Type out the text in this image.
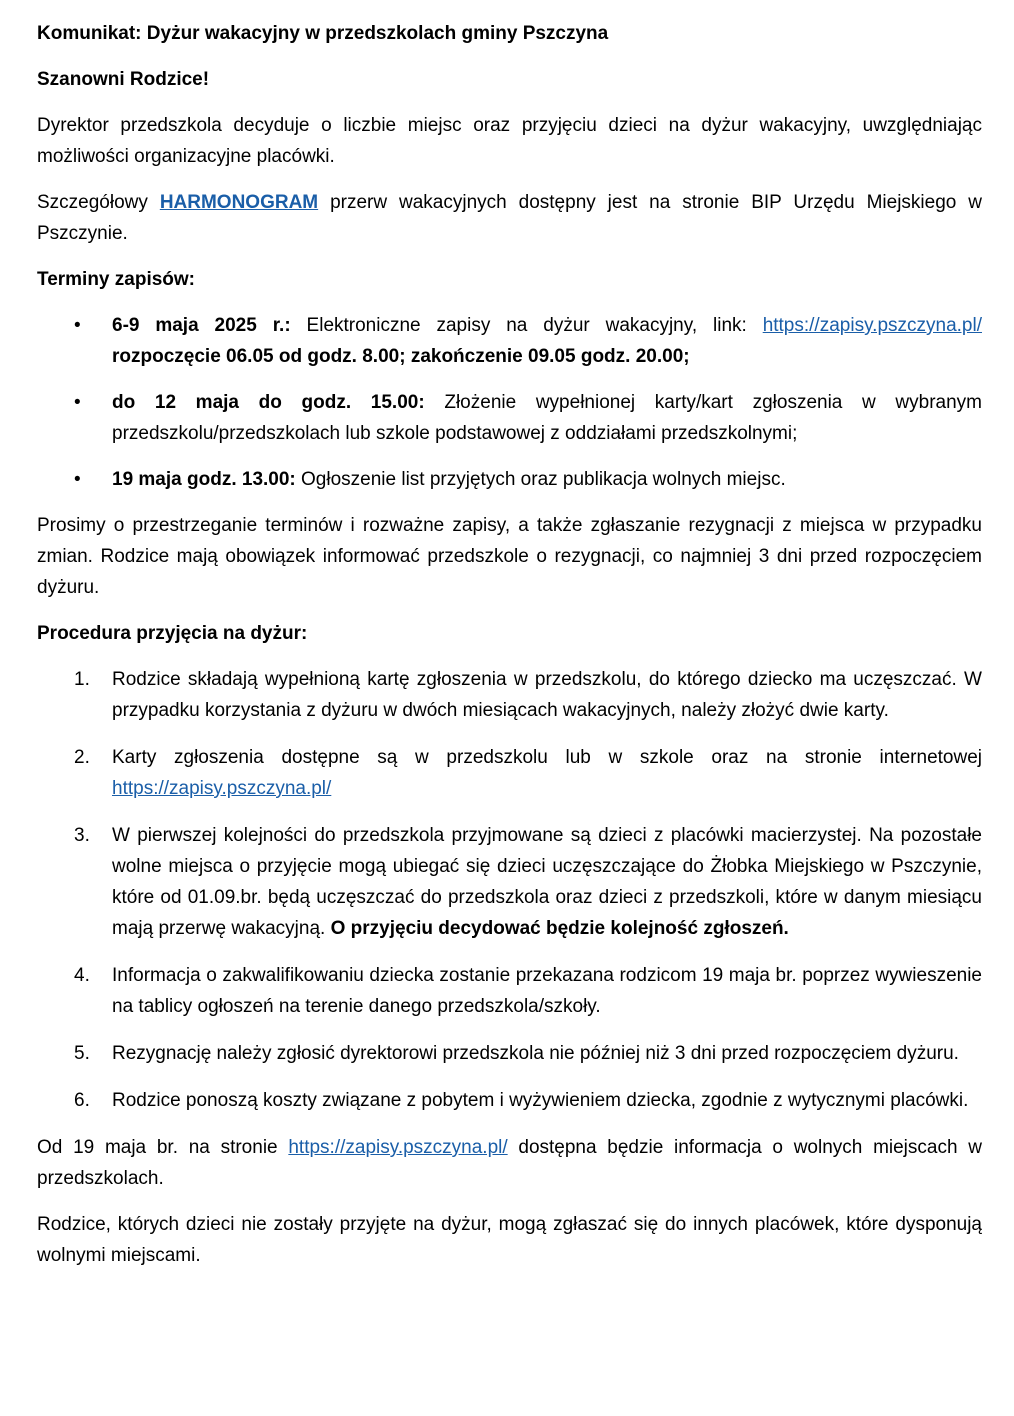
Komunikat: Dyżur wakacyjny w przedszkolach gminy Pszczyna

Szanowni Rodzice!

Dyrektor przedszkola decyduje o liczbie miejsc oraz przyjęciu dzieci na dyżur wakacyjny, uwzględniając możliwości organizacyjne placówki.

Szczegółowy HARMONOGRAM przerw wakacyjnych dostępny jest na stronie BIP Urzędu Miejskiego w Pszczynie.

Terminy zapisów:

• 6-9 maja 2025 r.: Elektroniczne zapisy na dyżur wakacyjny, link: https://zapisy.pszczyna.pl/ rozpoczęcie 06.05 od godz. 8.00; zakończenie 09.05 godz. 20.00;
• do 12 maja do godz. 15.00: Złożenie wypełnionej karty/kart zgłoszenia w wybranym przedszkolu/przedszkolach lub szkole podstawowej z oddziałami przedszkolnymi;
• 19 maja godz. 13.00: Ogłoszenie list przyjętych oraz publikacja wolnych miejsc.

Prosimy o przestrzeganie terminów i rozważne zapisy, a także zgłaszanie rezygnacji z miejsca w przypadku zmian. Rodzice mają obowiązek informować przedszkole o rezygnacji, co najmniej 3 dni przed rozpoczęciem dyżuru.

Procedura przyjęcia na dyżur:

1. Rodzice składają wypełnioną kartę zgłoszenia w przedszkolu, do którego dziecko ma uczęszczać. W przypadku korzystania z dyżuru w dwóch miesiącach wakacyjnych, należy złożyć dwie karty.
2. Karty zgłoszenia dostępne są w przedszkolu lub w szkole oraz na stronie internetowej https://zapisy.pszczyna.pl/
3. W pierwszej kolejności do przedszkola przyjmowane są dzieci z placówki macierzystej. Na pozostałe wolne miejsca o przyjęcie mogą ubiegać się dzieci uczęszczające do Żłobka Miejskiego w Pszczynie, które od 01.09.br. będą uczęszczać do przedszkola oraz dzieci z przedszkoli, które w danym miesiącu mają przerwę wakacyjną. O przyjęciu decydować będzie kolejność zgłoszeń.
4. Informacja o zakwalifikowaniu dziecka zostanie przekazana rodzicom 19 maja br. poprzez wywieszenie na tablicy ogłoszeń na terenie danego przedszkola/szkoły.
5. Rezygnację należy zgłosić dyrektorowi przedszkola nie później niż 3 dni przed rozpoczęciem dyżuru.
6. Rodzice ponoszą koszty związane z pobytem i wyżywieniem dziecka, zgodnie z wytycznymi placówki.

Od 19 maja br. na stronie https://zapisy.pszczyna.pl/ dostępna będzie informacja o wolnych miejscach w przedszkolach.

Rodzice, których dzieci nie zostały przyjęte na dyżur, mogą zgłaszać się do innych placówek, które dysponują wolnymi miejscami.
